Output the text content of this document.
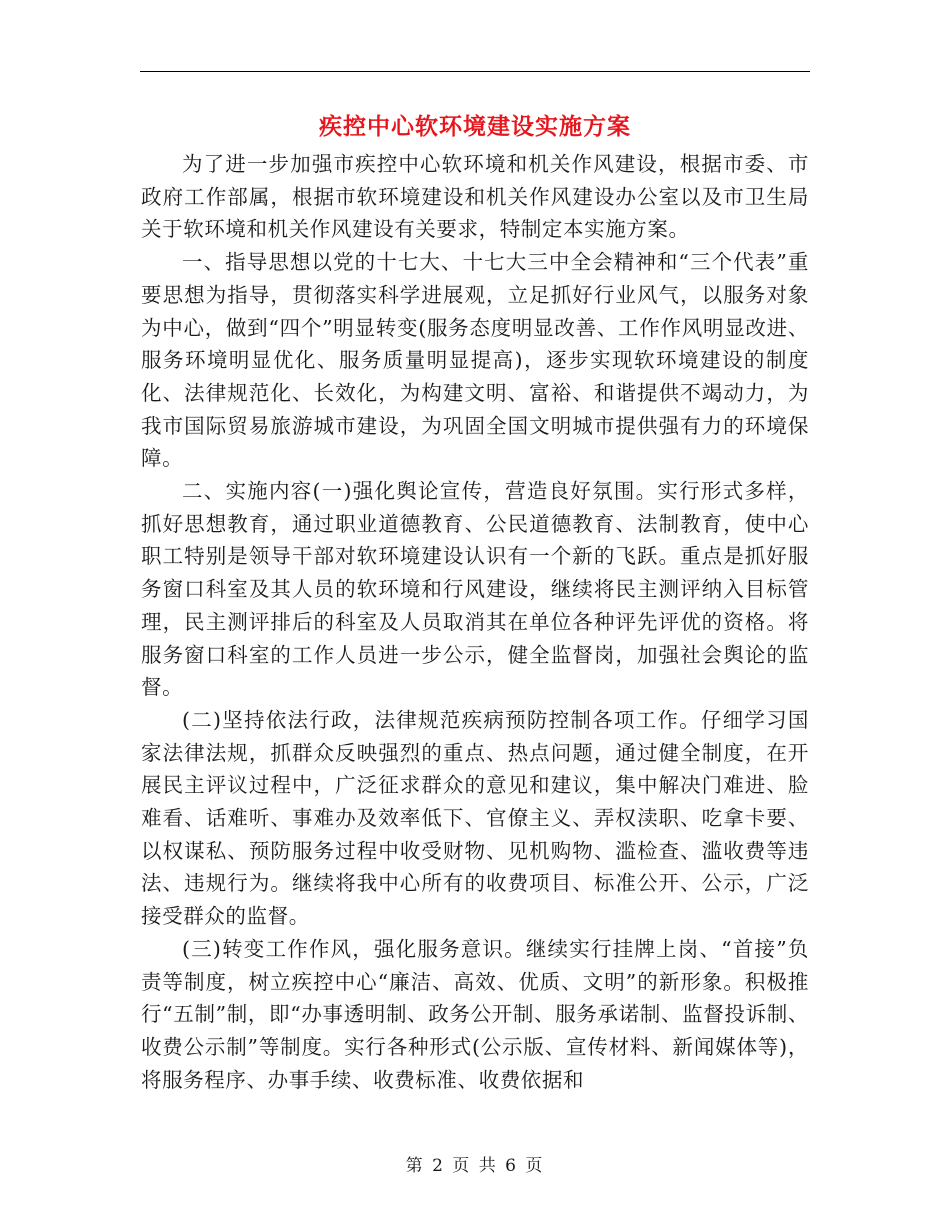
疾控中心软环境建设实施方案

为了进一步加强市疾控中心软环境和机关作风建设，根据市委、市政府工作部属，根据市软环境建设和机关作风建设办公室以及市卫生局关于软环境和机关作风建设有关要求，特制定本实施方案。

一、指导思想以党的十七大、十七大三中全会精神和“三个代表”重要思想为指导，贯彻落实科学进展观，立足抓好行业风气，以服务对象为中心，做到“四个”明显转变(服务态度明显改善、工作作风明显改进、服务环境明显优化、服务质量明显提高)，逐步实现软环境建设的制度化、法律规范化、长效化，为构建文明、富裕、和谐提供不竭动力，为我市国际贸易旅游城市建设，为巩固全国文明城市提供强有力的环境保障。

二、实施内容(一)强化舆论宣传，营造良好氛围。实行形式多样，抓好思想教育，通过职业道德教育、公民道德教育、法制教育，使中心职工特别是领导干部对软环境建设认识有一个新的飞跃。重点是抓好服务窗口科室及其人员的软环境和行风建设，继续将民主测评纳入目标管理，民主测评排后的科室及人员取消其在单位各种评先评优的资格。将服务窗口科室的工作人员进一步公示，健全监督岗，加强社会舆论的监督。

(二)坚持依法行政，法律规范疾病预防控制各项工作。仔细学习国家法律法规，抓群众反映强烈的重点、热点问题，通过健全制度，在开展民主评议过程中，广泛征求群众的意见和建议，集中解决门难进、脸难看、话难听、事难办及效率低下、官僚主义、弄权渎职、吃拿卡要、以权谋私、预防服务过程中收受财物、见机购物、滥检查、滥收费等违法、违规行为。继续将我中心所有的收费项目、标准公开、公示，广泛接受群众的监督。

(三)转变工作作风，强化服务意识。继续实行挂牌上岗、“首接”负责等制度，树立疾控中心“廉洁、高效、优质、文明”的新形象。积极推行“五制”制，即“办事透明制、政务公开制、服务承诺制、监督投诉制、收费公示制”等制度。实行各种形式(公示版、宣传材料、新闻媒体等)，将服务程序、办事手续、收费标准、收费依据和

第 2 页 共 6 页
